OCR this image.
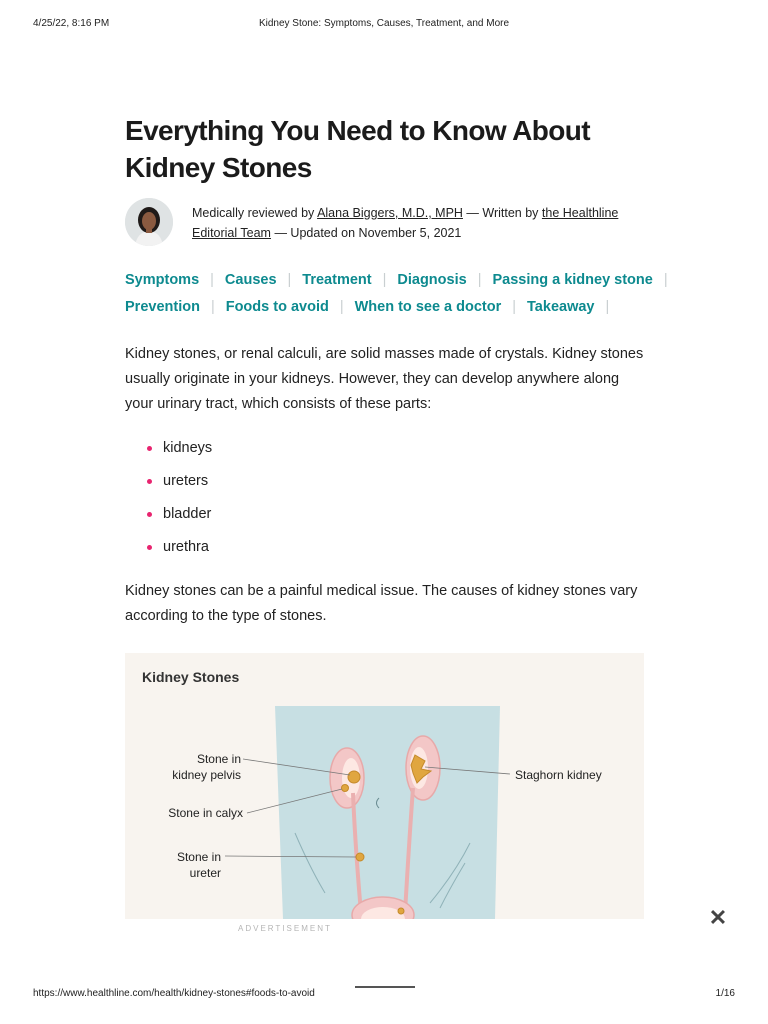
4/25/22, 8:16 PM	Kidney Stone: Symptoms, Causes, Treatment, and More
Everything You Need to Know About Kidney Stones
Medically reviewed by Alana Biggers, M.D., MPH — Written by the Healthline Editorial Team — Updated on November 5, 2021
Symptoms | Causes | Treatment | Diagnosis | Passing a kidney stone |
Prevention | Foods to avoid | When to see a doctor | Takeaway |

Kidney stones, or renal calculi, are solid masses made of crystals. Kidney stones usually originate in your kidneys. However, they can develop anywhere along your urinary tract, which consists of these parts:

kidneys
ureters
bladder
urethra

Kidney stones can be a painful medical issue. The causes of kidney stones vary according to the type of stones.

Stone in
kidney pelvis
Stone in calyx
Stone in
ureter
Staghorn kidney
Kidney Stones
ADVERTISEMENT	✕
https://www.healthline.com/health/kidney-stones#foods-to-avoid	1/16
